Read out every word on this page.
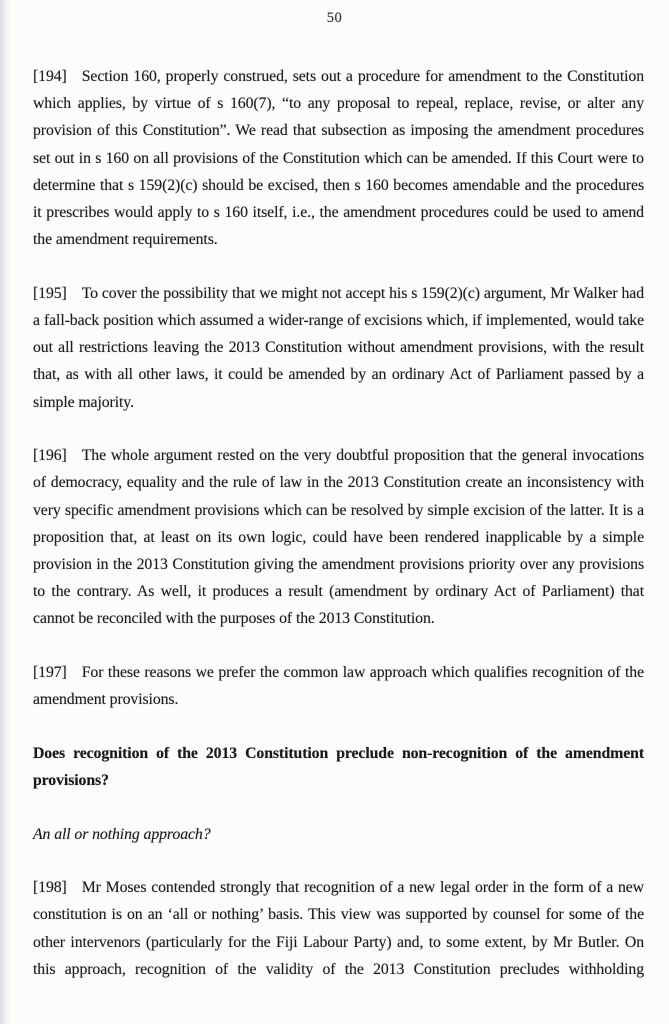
50

[194] Section 160, properly construed, sets out a procedure for amendment to the Constitution which applies, by virtue of s 160(7), “to any proposal to repeal, replace, revise, or alter any provision of this Constitution”. We read that subsection as imposing the amendment procedures set out in s 160 on all provisions of the Constitution which can be amended. If this Court were to determine that s 159(2)(c) should be excised, then s 160 becomes amendable and the procedures it prescribes would apply to s 160 itself, i.e., the amendment procedures could be used to amend the amendment requirements.

[195] To cover the possibility that we might not accept his s 159(2)(c) argument, Mr Walker had a fall-back position which assumed a wider-range of excisions which, if implemented, would take out all restrictions leaving the 2013 Constitution without amendment provisions, with the result that, as with all other laws, it could be amended by an ordinary Act of Parliament passed by a simple majority.

[196] The whole argument rested on the very doubtful proposition that the general invocations of democracy, equality and the rule of law in the 2013 Constitution create an inconsistency with very specific amendment provisions which can be resolved by simple excision of the latter. It is a proposition that, at least on its own logic, could have been rendered inapplicable by a simple provision in the 2013 Constitution giving the amendment provisions priority over any provisions to the contrary. As well, it produces a result (amendment by ordinary Act of Parliament) that cannot be reconciled with the purposes of the 2013 Constitution.

[197] For these reasons we prefer the common law approach which qualifies recognition of the amendment provisions.

Does recognition of the 2013 Constitution preclude non-recognition of the amendment provisions?

An all or nothing approach?

[198] Mr Moses contended strongly that recognition of a new legal order in the form of a new constitution is on an ‘all or nothing’ basis. This view was supported by counsel for some of the other intervenors (particularly for the Fiji Labour Party) and, to some extent, by Mr Butler. On this approach, recognition of the validity of the 2013 Constitution precludes withholding
